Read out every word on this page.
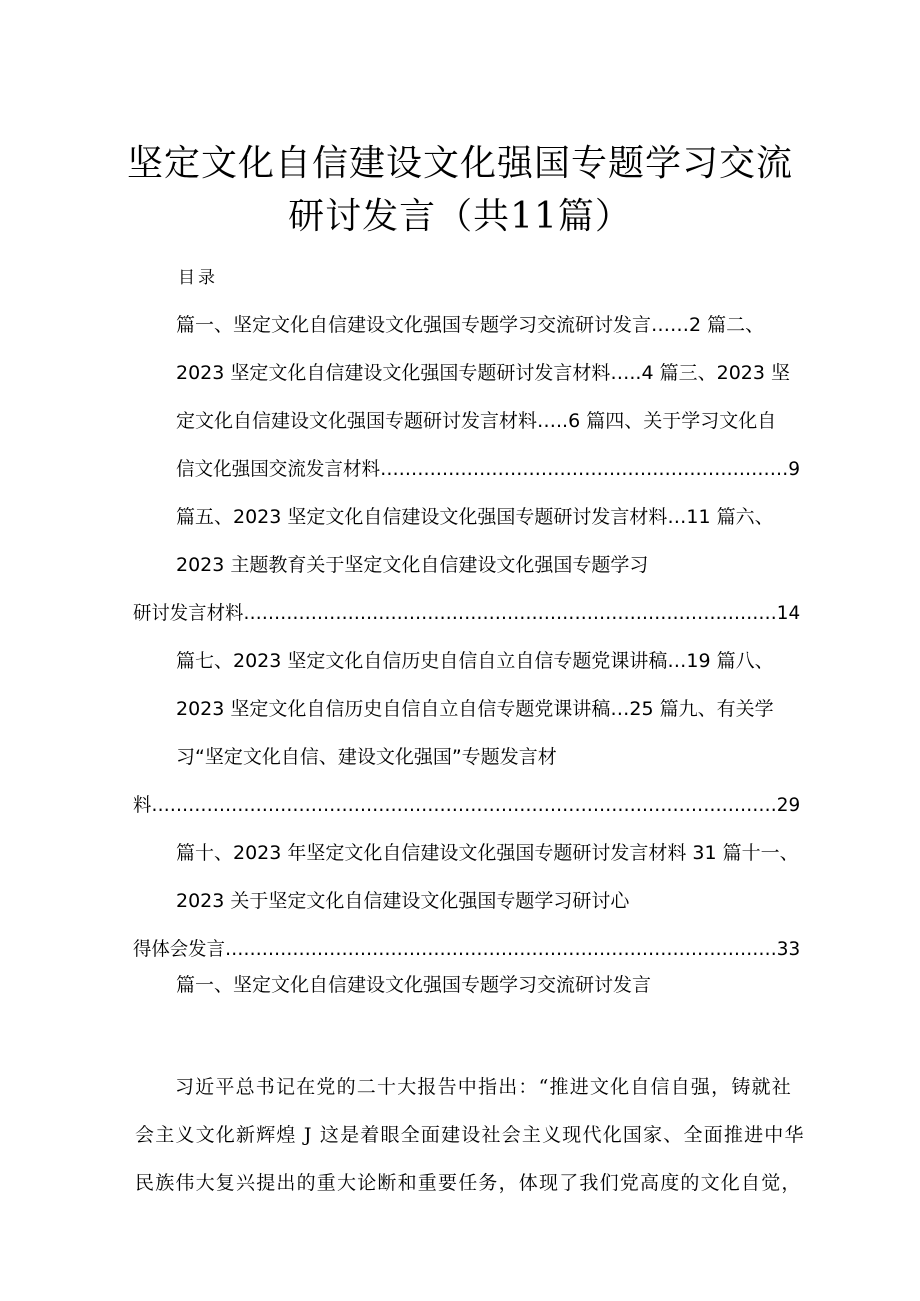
坚定文化自信建设文化强国专题学习交流
研讨发言（共11篇）
目录
篇一、坚定文化自信建设文化强国专题学习交流研讨发言……2 篇二、
2023 坚定文化自信建设文化强国专题研讨发言材料…..4 篇三、2023 坚
定文化自信建设文化强国专题研讨发言材料…..6 篇四、关于学习文化自
信文化强国交流发言材料…………………………………………………………9
篇五、2023 坚定文化自信建设文化强国专题研讨发言材料…11 篇六、
2023 主题教育关于坚定文化自信建设文化强国专题学习
研讨发言材料……………………………………………………………………………14
篇七、2023 坚定文化自信历史自信自立自信专题党课讲稿…19 篇八、
2023 坚定文化自信历史自信自立自信专题党课讲稿…25 篇九、有关学
习“坚定文化自信、建设文化强国”专题发言材
料…………………………………………………………………………………………29
篇十、2023 年坚定文化自信建设文化强国专题研讨发言材料 31 篇十一、
2023 关于坚定文化自信建设文化强国专题学习研讨心
得体会发言………………………………………………………………………………33
篇一、坚定文化自信建设文化强国专题学习交流研讨发言
习近平总书记在党的二十大报告中指出：“推进文化自信自强，铸就社
会主义文化新辉煌 J 这是着眼全面建设社会主义现代化国家、全面推进中华
民族伟大复兴提出的重大论断和重要任务，体现了我们党高度的文化自觉，
